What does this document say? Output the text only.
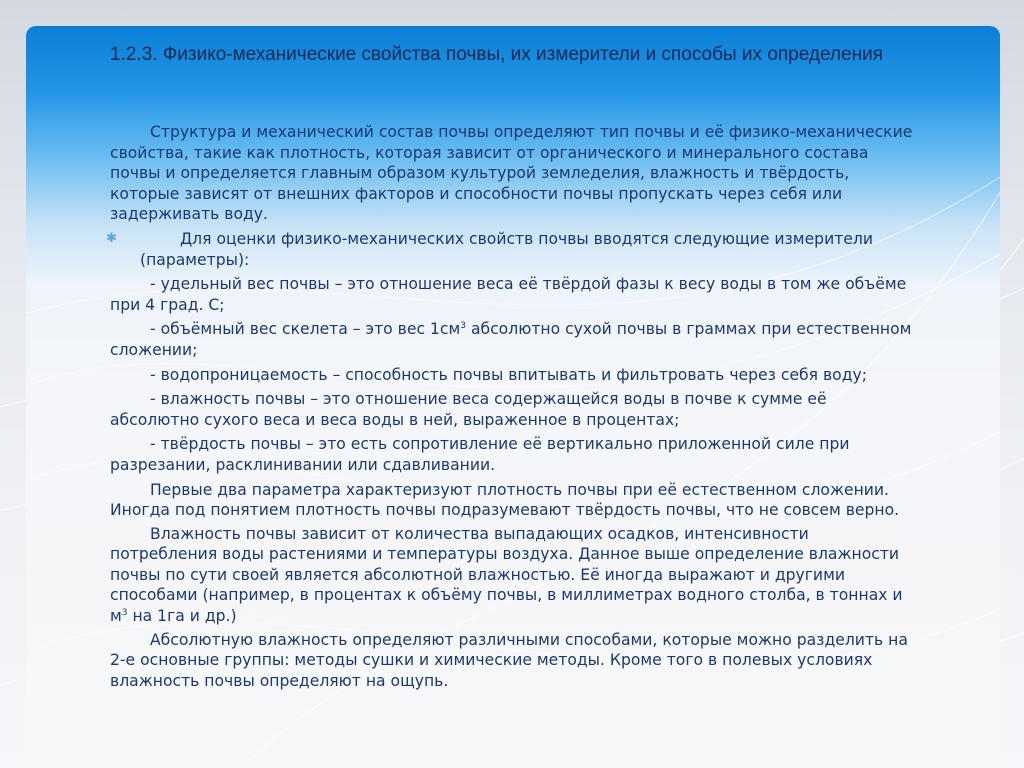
1.2.3. Физико-механические свойства почвы, их измерители и способы их определения

Структура и механический состав почвы определяют тип почвы и её физико-механические свойства, такие как плотность, которая зависит от органического и минерального состава почвы и определяется главным образом культурой земледелия, влажность и твёрдость, которые зависят от внешних факторов и способности почвы пропускать через себя или задерживать воду.

✱	Для оценки физико-механических свойств почвы вводятся следующие измерители (параметры):

- удельный вес почвы – это отношение веса её твёрдой фазы к весу воды в том же объёме при 4 град. С;

- объёмный вес скелета – это вес $1см^3$ абсолютно сухой почвы в граммах при естественном сложении;

- водопроницаемость – способность почвы впитывать и фильтровать через себя воду;

- влажность почвы – это отношение веса содержащейся воды в почве к сумме её абсолютно сухого веса и веса воды в ней, выраженное в процентах;

- твёрдость почвы – это есть сопротивление её вертикально приложенной силе при разрезании, расклинивании или сдавливании.

Первые два параметра характеризуют плотность почвы при её естественном сложении. Иногда под понятием плотность почвы подразумевают твёрдость почвы, что не совсем верно.

Влажность почвы зависит от количества выпадающих осадков, интенсивности потребления воды растениями и температуры воздуха. Данное выше определение влажности почвы по сути своей является абсолютной влажностью. Её иногда выражают и другими способами (например, в процентах к объёму почвы, в миллиметрах водного столба, в тоннах и $м^3$ на 1га и др.)

Абсолютную влажность определяют различными способами, которые можно разделить на 2-е основные группы: методы сушки и химические методы. Кроме того в полевых условиях влажность почвы определяют на ощупь.
